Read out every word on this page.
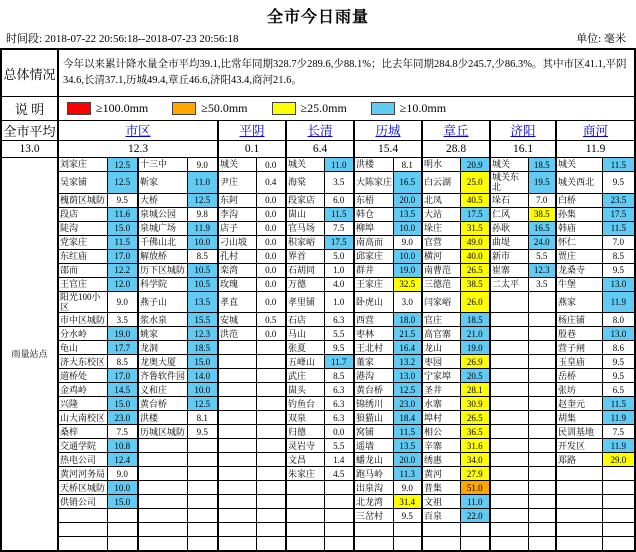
全市今日雨量
时间段: 2018-07-22 20:56:18--2018-07-23 20:56:18	单位: 毫米
总体情况	今年以来累计降水量全市平均39.1,比常年同期328.7少289.6,少88.1%；比去年同期284.8少245.7,少86.3%。其中市区41.1,平阴34.6,长清37.1,历城49.4,章丘46.6,济阳43.4,商河21.6。															
说 明	≥100.0mm ≥50.0mm ≥25.0mm ≥10.0mm															

全市平均	市区				平阴		长清		历城		章丘		济阳		商河	
13.0	12.3				0.1		6.4		15.4		28.8		16.1		11.9	
雨量站点	刘家庄	12.5	十三中	9.0	城关	0.0	城关	11.0	洪楼	8.1	明水	20.9	城关	18.5	城关	11.5
	吴家铺	12.5	靳家	11.0	尹庄	0.4	海棠	3.5	大陈家庄	16.5	白云湖	25.0	城关东北	19.5	城关西北	9.5
	槐荫区城防	9.5	大桥	12.5	东阿	0.0	段家店	6.0	东梧	20.0	北凤	40.5	垛石	7.0	白桥	23.5
	段店	11.6	泉城公园	9.8	李沟	0.0	崮山	11.5	韩仓	13.5	大站	17.5	仁风	38.5	孙集	17.5
	陡沟	15.0	泉城广场	11.9	店子	0.0	官马场	7.5	柳埠	10.0	垛庄	31.5	孙耿	16.5	韩庙	11.5
	党家庄	11.5	千佛山北	10.0	刁山坡	0.0	积家峪	17.5	南高而	9.0	官营	49.0	曲堤	24.0	怀仁	7.0
	东红庙	17.0	解放桥	8.5	孔村	0.0	界首	5.0	邱家庄	10.0	横河	40.0	新市	5.5	贾庄	8.5
	邵而	12.2	历下区城防	10.5	栾湾	0.0	石胡同	1.0	群井	19.0	南曹范	26.5	崔寨	12.3	龙桑寺	9.5
	王官庄	12.0	科学院	10.5	玫瑰	0.0	万德	4.0	王家庄	32.5	三德范	38.5	二太平	3.5	牛堡	13.0
	阳光100小区	9.0	燕子山	13.5	孝直	0.0	孝里铺	1.0	卧虎山	3.0	闫家峪	26.0			燕家	11.9
	市中区城防	3.5	浆水泉	15.5	安城	0.5	石店	6.3	西营	18.0	官庄	18.5			杨庄铺	8.0
	分水岭	19.0	姚家	12.3	洪范	0.0	马山	5.5	枣林	21.5	高官寨	21.0			殷巷	13.0
	龟山	17.7	龙洞	18.5			张夏	9.5	王北村	16.4	龙山	19.0			营子闸	8.6
	济大东校区	8.5	龙奥大厦	15.0			五峰山	11.7	董家	13.2	枣园	26.9			玉皇庙	9.5
	道桥处	17.0	齐鲁软件园	14.0			武庄	8.5	港沟	13.0	宁家埠	20.5			岳桥	9.5
	金鸡岭	14.5	义和庄	10.0			崮头	6.3	黄台桥	12.5	圣井	28.1			张坊	6.5
	兴隆	15.0	黄台桥	12.5			钓鱼台	6.3	锦绣川	23.0	水寨	30.9			赵奎元	11.5
	山大南校区	23.0	洪楼	8.1			双泉	6.3	狼猫山	18.4	埠村	26.5			胡集	11.9
	桑梓	7.5	历城区城防	9.5			归德	0.0	窝铺	11.5	相公	36.5			民训基地	7.5
	交通学院	10.8					灵岩寺	5.5	遥墙	13.5	辛寨	31.6			开发区	11.9
	热电公司	12.4					文昌	1.4	蟠龙山	20.0	绣惠	34.0			郑路	29.0
	黄河河务局	9.0					朱家庄	4.5	跑马岭	11.3	黄河	27.9				
	天桥区城防	10.0							出泉沟	9.0	普集	51.0				
	供销公司	15.0							北龙湾	31.4	文祖	11.0				
									三岔村	9.5	百泉	22.0				
